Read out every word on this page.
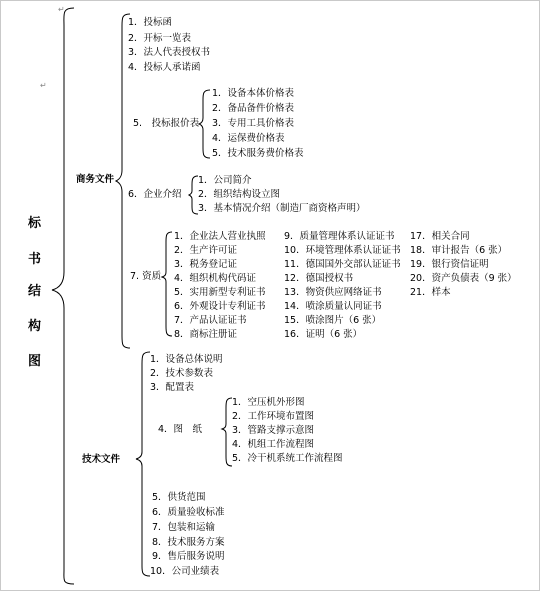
↵
↵
标
书
结
构
图
商务文件
1．投标函
2．开标一览表
3．法人代表授权书
4．投标人承诺函
5.　投标报价表
1．设备本体价格表
2．备品备件价格表
3．专用工具价格表
4．运保费价格表
5．技术服务费价格表
6．企业介绍
1．公司简介
2．组织结构设立图
3．基本情况介绍（制造厂商资格声明）
7. 资质
1．企业法人营业执照
2．生产许可证
3．税务登记证
4．组织机构代码证
5．实用新型专利证书
6．外观设计专利证书
7．产品认证证书
8．商标注册证
9．质量管理体系认证证书
10．环境管理体系认证证书
11．德国国外交部认证证书
12．德国授权书
13．物资供应网络证书
14．喷涂质量认同证书
15．喷涂图片（6 张）
16．证明（6 张）
17．相关合同
18．审计报告（6 张）
19．银行资信证明
20．资产负债表（9 张）
21．样本
技术文件
1．设备总体说明
2．技术参数表
3．配置表
4．图　纸
1．空压机外形图
2．工作环境布置图
3．管路支撑示意图
4．机组工作流程图
5．冷干机系统工作流程图
5．供货范围
6．质量验收标准
7．包装和运输
8．技术服务方案
9．售后服务说明
10．公司业绩表
